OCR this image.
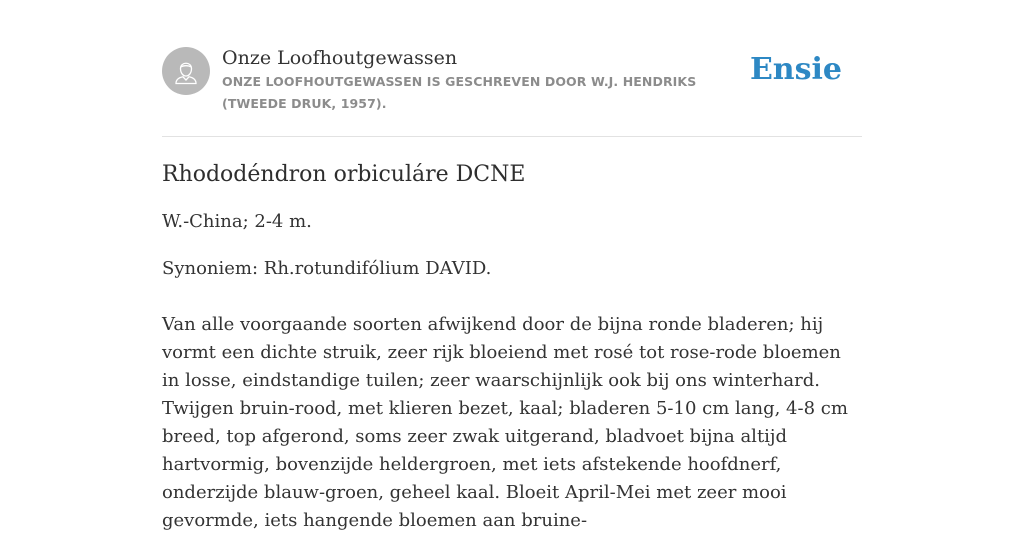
Onze Loofhoutgewassen
ONZE LOOFHOUTGEWASSEN IS GESCHREVEN DOOR W.J. HENDRIKS (TWEEDE DRUK, 1957).
Ensie
Rhododéndron orbiculáre DCNE

W.-China; 2-4 m.

Synoniem: Rh.rotundifólium DAVID.

Van alle voorgaande soorten afwijkend door de bijna ronde bladeren; hij vormt een dichte struik, zeer rijk bloeiend met rosé tot rose-rode bloemen in losse, eindstandige tuilen; zeer waarschijnlijk ook bij ons winterhard. Twijgen bruin-rood, met klieren bezet, kaal; bladeren 5-10 cm lang, 4-8 cm breed, top afgerond, soms zeer zwak uitgerand, bladvoet bijna altijd hartvormig, bovenzijde heldergroen, met iets afstekende hoofdnerf, onderzijde blauw-groen, geheel kaal. Bloeit April-Mei met zeer mooi gevormde, iets hangende bloemen aan bruine-
